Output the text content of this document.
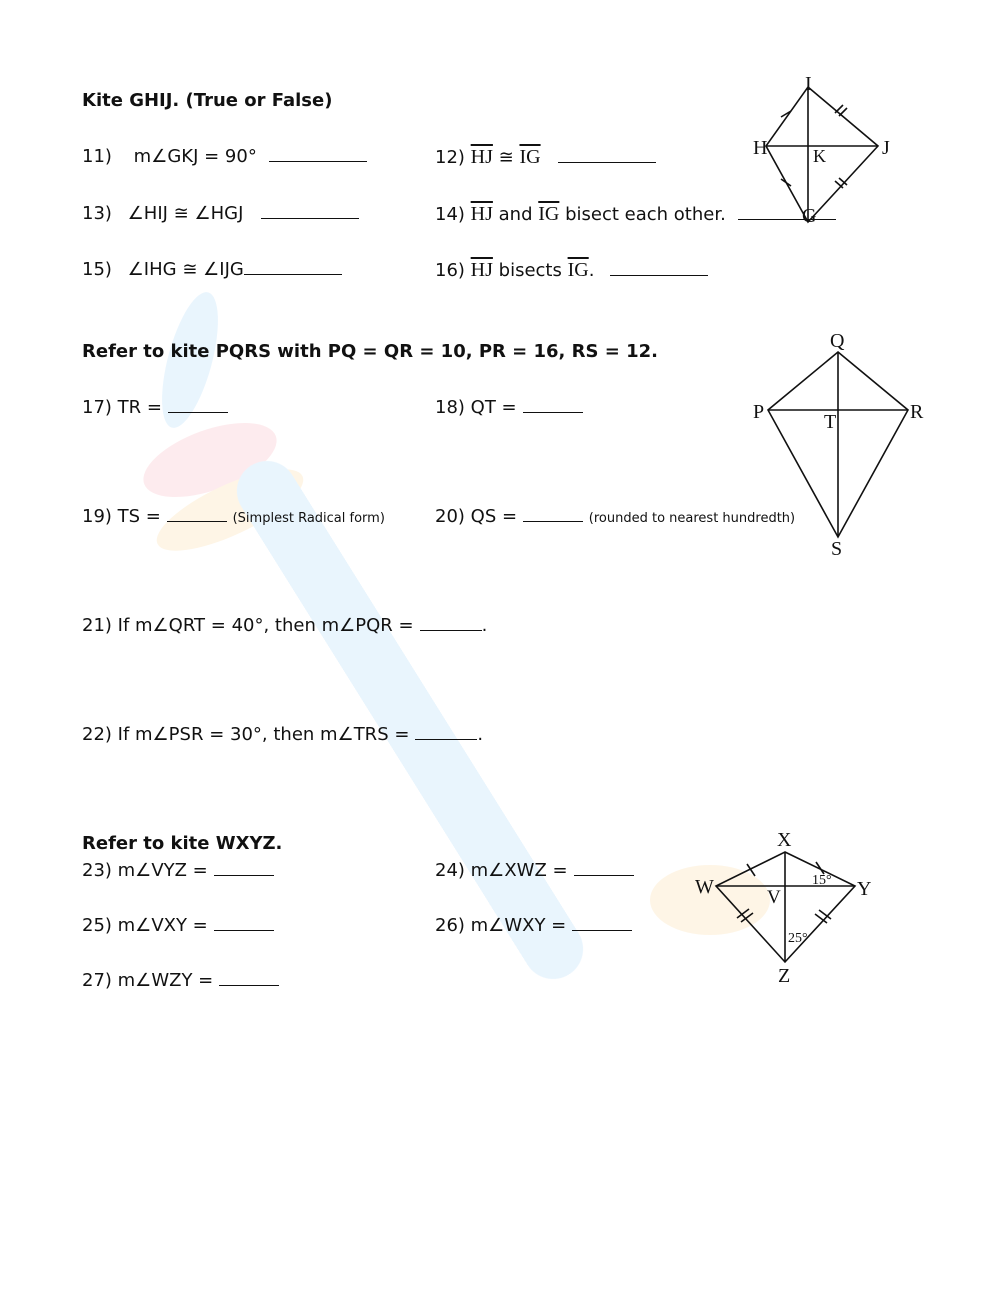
Kite GHIJ. (True or False)
11) m∠GKJ = 90°	12) $\overline{HJ}$ ≅ $\overline{IG}$
13) ∠HIJ ≅ ∠HGJ	14) $\overline{HJ}$ and $\overline{IG}$ bisect each other.
15) ∠IHG ≅ ∠IJG	16) $\overline{HJ}$ bisects $\overline{IG}$.
I
H	J
G
K
Refer to kite PQRS with PQ = QR = 10, PR = 16, RS = 12.
17) TR =	18) QT =
19) TS =	(Simplest Radical form)	20) QS =	(rounded to nearest hundredth)
21) If m∠QRT = 40°, then m∠PQR =	.
22) If m∠PSR = 30°, then m∠TRS =	.
Q
P	R
S
T
Refer to kite WXYZ.
23) m∠VYZ =	24) m∠XWZ =
25) m∠VXY =	26) m∠WXY =
27) m∠WZY =
X
W	Y
Z
V
15°
25°
